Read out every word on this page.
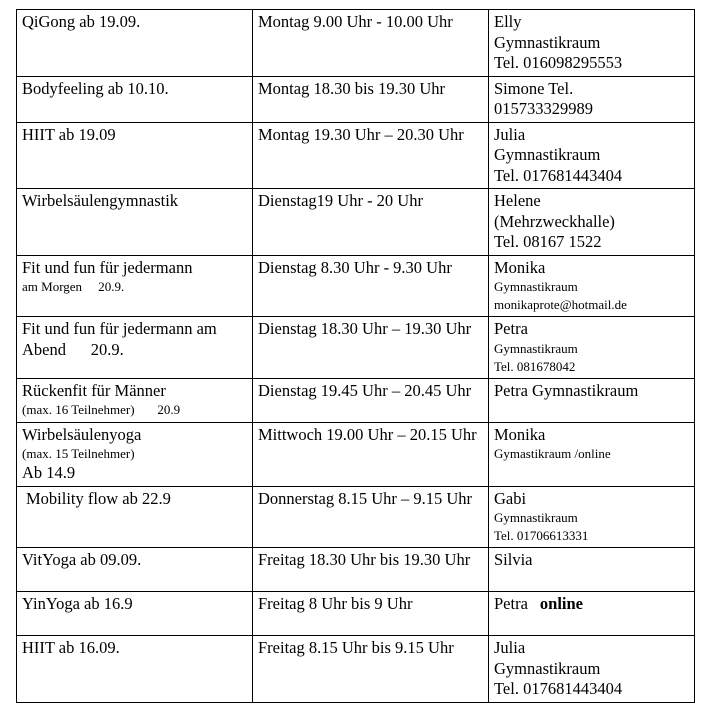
QiGong ab 19.09.	Montag 9.00 Uhr - 10.00 Uhr	Elly
Gymnastikraum
Tel. 016098295553

Bodyfeeling ab 10.10.	Montag 18.30 bis 19.30 Uhr	Simone Tel.
015733329989

HIIT ab 19.09	Montag 19.30 Uhr – 20.30 Uhr	Julia
Gymnastikraum
Tel. 017681443404

Wirbelsäulengymnastik	Dienstag19 Uhr - 20 Uhr	Helene
(Mehrzweckhalle)
Tel. 08167 1522

Fit und fun für jedermann
am Morgen     20.9.	Dienstag 8.30 Uhr - 9.30 Uhr	Monika
Gymnastikraum
monikaprote@hotmail.de

Fit und fun für jedermann am Abend      20.9.	Dienstag 18.30 Uhr – 19.30 Uhr	Petra
Gymnastikraum
Tel. 081678042

Rückenfit für Männer
(max. 16 Teilnehmer)       20.9	Dienstag 19.45 Uhr – 20.45 Uhr	Petra Gymnastikraum

Wirbelsäulenyoga
(max. 15 Teilnehmer)
Ab 14.9	Mittwoch 19.00 Uhr – 20.15 Uhr	Monika
Gymastikraum /online

Mobility flow ab 22.9	Donnerstag 8.15 Uhr – 9.15 Uhr	Gabi
Gymnastikraum
Tel. 01706613331

VitYoga ab 09.09.	Freitag 18.30 Uhr bis 19.30 Uhr	Silvia

YinYoga ab 16.9	Freitag 8 Uhr bis 9 Uhr	Petra online

HIIT ab 16.09.	Freitag 8.15 Uhr bis 9.15 Uhr	Julia
Gymnastikraum
Tel. 017681443404
